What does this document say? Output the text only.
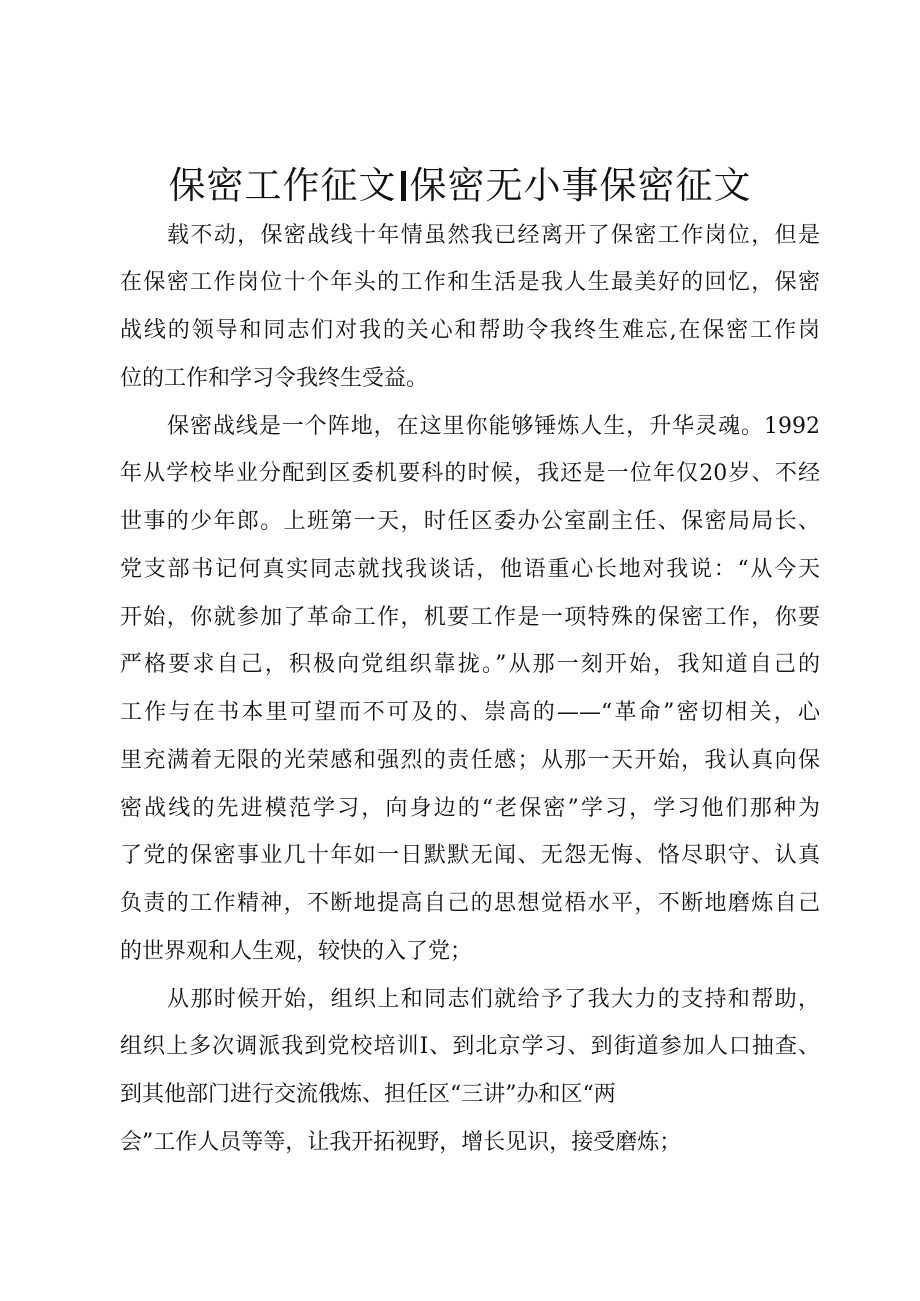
保密工作征文 保密无小事保密征文
载不动，保密战线十年情虽然我已经离开了保密工作岗位，但是
在保密工作岗位十个年头的工作和生活是我人生最美好的回忆，保密
战线的领导和同志们对我的关心和帮助令我终生难忘,在保密工作岗
位的工作和学习令我终生受益。
保密战线是一个阵地，在这里你能够锤炼人生，升华灵魂。1992
年从学校毕业分配到区委机要科的时候，我还是一位年仅20岁、不经
世事的少年郎。上班第一天，时任区委办公室副主任、保密局局长、
党支部书记何真实同志就找我谈话，他语重心长地对我说：“从今天
开始，你就参加了革命工作，机要工作是一项特殊的保密工作，你要
严格要求自己，积极向党组织靠拢。”从那一刻开始，我知道自己的
工作与在书本里可望而不可及的、崇高的——“革命”密切相关，心
里充满着无限的光荣感和强烈的责任感；从那一天开始，我认真向保
密战线的先进模范学习，向身边的“老保密”学习，学习他们那种为
了党的保密事业几十年如一日默默无闻、无怨无悔、恪尽职守、认真
负责的工作精神，不断地提高自己的思想觉梧水平，不断地磨炼自己
的世界观和人生观，较快的入了党；
从那时候开始，组织上和同志们就给予了我大力的支持和帮助，
组织上多次调派我到党校培训I、到北京学习、到街道参加人口抽查、
到其他部门进行交流俄炼、担任区“三讲”办和区“两
会”工作人员等等，让我开拓视野，增长见识，接受磨炼；
